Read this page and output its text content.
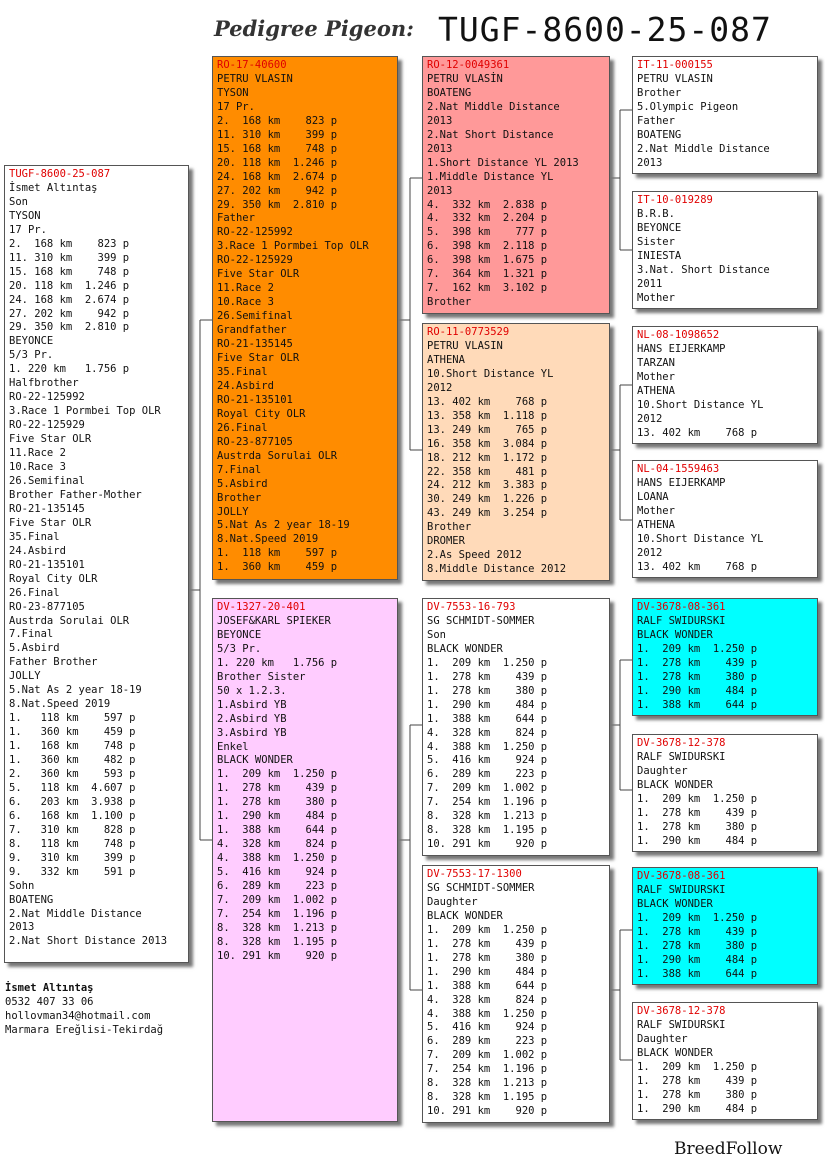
Pedigree Pigeon: TUGF-8600-25-087
TUGF-8600-25-087
İsmet Altıntaş
Son
TYSON
17 Pr.
2.  168 km    823 p
11. 310 km    399 p
15. 168 km    748 p
20. 118 km  1.246 p
24. 168 km  2.674 p
27. 202 km    942 p
29. 350 km  2.810 p
BEYONCE
5/3 Pr.
1. 220 km   1.756 p
Halfbrother
RO-22-125992
3.Race 1 Pormbei Top OLR
RO-22-125929
Five Star OLR
11.Race 2
10.Race 3
26.Semifinal
Brother Father-Mother
RO-21-135145
Five Star OLR
35.Final
24.Asbird
RO-21-135101
Royal City OLR
26.Final
RO-23-877105
Austrda Sorulai OLR
7.Final
5.Asbird
Father Brother
JOLLY
5.Nat As 2 year 18-19
8.Nat.Speed 2019
1.   118 km    597 p
1.   360 km    459 p
1.   168 km    748 p
1.   360 km    482 p
2.   360 km    593 p
5.   118 km  4.607 p
6.   203 km  3.938 p
6.   168 km  1.100 p
7.   310 km    828 p
8.   118 km    748 p
9.   310 km    399 p
9.   332 km    591 p
Sohn
BOATENG
2.Nat Middle Distance
2013
2.Nat Short Distance 2013
RO-17-40600
PETRU VLASIN
TYSON
17 Pr.
2.  168 km    823 p
11. 310 km    399 p
15. 168 km    748 p
20. 118 km  1.246 p
24. 168 km  2.674 p
27. 202 km    942 p
29. 350 km  2.810 p
Father
RO-22-125992
3.Race 1 Pormbei Top OLR
RO-22-125929
Five Star OLR
11.Race 2
10.Race 3
26.Semifinal
Grandfather
RO-21-135145
Five Star OLR
35.Final
24.Asbird
RO-21-135101
Royal City OLR
26.Final
RO-23-877105
Austrda Sorulai OLR
7.Final
5.Asbird
Brother
JOLLY
5.Nat As 2 year 18-19
8.Nat.Speed 2019
1.  118 km    597 p
1.  360 km    459 p
DV-1327-20-401
JOSEF&KARL SPIEKER
BEYONCE
5/3 Pr.
1. 220 km   1.756 p
Brother Sister
50 x 1.2.3.
1.Asbird YB
2.Asbird YB
3.Asbird YB
Enkel
BLACK WONDER
1.  209 km  1.250 p
1.  278 km    439 p
1.  278 km    380 p
1.  290 km    484 p
1.  388 km    644 p
4.  328 km    824 p
4.  388 km  1.250 p
5.  416 km    924 p
6.  289 km    223 p
7.  209 km  1.002 p
7.  254 km  1.196 p
8.  328 km  1.213 p
8.  328 km  1.195 p
10. 291 km    920 p
RO-12-0049361
PETRU VLASİN
BOATENG
2.Nat Middle Distance
2013
2.Nat Short Distance
2013
1.Short Distance YL 2013
1.Middle Distance YL
2013
4.  332 km  2.838 p
4.  332 km  2.204 p
5.  398 km    777 p
6.  398 km  2.118 p
6.  398 km  1.675 p
7.  364 km  1.321 p
7.  162 km  3.102 p
Brother
RO-11-0773529
PETRU VLASIN
ATHENA
10.Short Distance YL
2012
13. 402 km    768 p
13. 358 km  1.118 p
13. 249 km    765 p
16. 358 km  3.084 p
18. 212 km  1.172 p
22. 358 km    481 p
24. 212 km  3.383 p
30. 249 km  1.226 p
43. 249 km  3.254 p
Brother
DROMER
2.As Speed 2012
8.Middle Distance 2012
DV-7553-16-793
SG SCHMIDT-SOMMER
Son
BLACK WONDER
1.  209 km  1.250 p
1.  278 km    439 p
1.  278 km    380 p
1.  290 km    484 p
1.  388 km    644 p
4.  328 km    824 p
4.  388 km  1.250 p
5.  416 km    924 p
6.  289 km    223 p
7.  209 km  1.002 p
7.  254 km  1.196 p
8.  328 km  1.213 p
8.  328 km  1.195 p
10. 291 km    920 p
DV-7553-17-1300
SG SCHMIDT-SOMMER
Daughter
BLACK WONDER
1.  209 km  1.250 p
1.  278 km    439 p
1.  278 km    380 p
1.  290 km    484 p
1.  388 km    644 p
4.  328 km    824 p
4.  388 km  1.250 p
5.  416 km    924 p
6.  289 km    223 p
7.  209 km  1.002 p
7.  254 km  1.196 p
8.  328 km  1.213 p
8.  328 km  1.195 p
10. 291 km    920 p
IT-11-000155
PETRU VLASIN
Brother
5.Olympic Pigeon
Father
BOATENG
2.Nat Middle Distance
2013
IT-10-019289
B.R.B.
BEYONCE
Sister
INIESTA
3.Nat. Short Distance
2011
Mother
NL-08-1098652
HANS EIJERKAMP
TARZAN
Mother
ATHENA
10.Short Distance YL
2012
13. 402 km    768 p
NL-04-1559463
HANS EIJERKAMP
LOANA
Mother
ATHENA
10.Short Distance YL
2012
13. 402 km    768 p
DV-3678-08-361
RALF SWIDURSKI
BLACK WONDER
1.  209 km  1.250 p
1.  278 km    439 p
1.  278 km    380 p
1.  290 km    484 p
1.  388 km    644 p
DV-3678-12-378
RALF SWIDURSKI
Daughter
BLACK WONDER
1.  209 km  1.250 p
1.  278 km    439 p
1.  278 km    380 p
1.  290 km    484 p
DV-3678-08-361
RALF SWIDURSKI
BLACK WONDER
1.  209 km  1.250 p
1.  278 km    439 p
1.  278 km    380 p
1.  290 km    484 p
1.  388 km    644 p
DV-3678-12-378
RALF SWIDURSKI
Daughter
BLACK WONDER
1.  209 km  1.250 p
1.  278 km    439 p
1.  278 km    380 p
1.  290 km    484 p
İsmet Altıntaş
0532 407 33 06
hollovman34@hotmail.com
Marmara Ereğlisi-Tekirdağ
BreedFollow
